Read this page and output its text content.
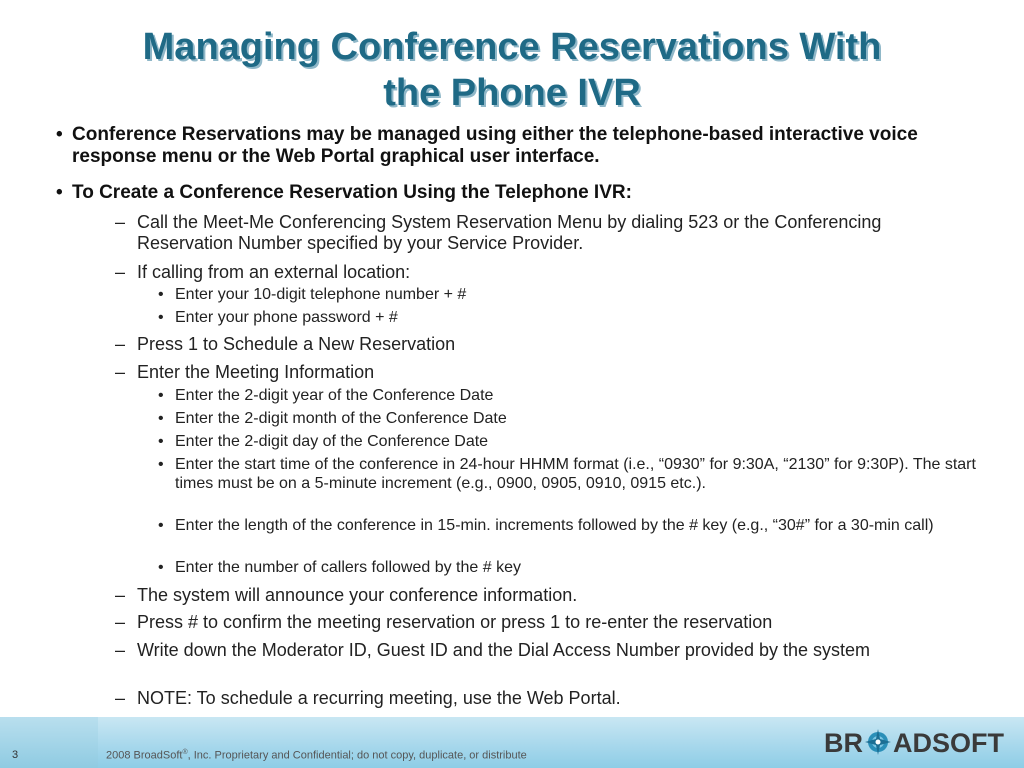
Managing Conference Reservations With
the Phone IVR
• Conference Reservations may be managed using either the telephone-based interactive voice response menu or the Web Portal graphical user interface.
• To Create a Conference Reservation Using the Telephone IVR:
– Call the Meet-Me Conferencing System Reservation Menu by dialing 523 or the Conferencing Reservation Number specified by your Service Provider.
– If calling from an external location:
• Enter your 10-digit telephone number + #
• Enter your phone password + #
– Press 1 to Schedule a New Reservation
– Enter the Meeting Information
• Enter the 2-digit year of the Conference Date
• Enter the 2-digit month of the Conference Date
• Enter the 2-digit day of the Conference Date
• Enter the start time of the conference in 24-hour HHMM format (i.e., “0930” for 9:30A, “2130” for 9:30P). The start times must be on a 5-minute increment (e.g., 0900, 0905, 0910, 0915 etc.).
• Enter the length of the conference in 15-min. increments followed by the # key (e.g., “30#” for a 30-min call)
• Enter the number of callers followed by the # key
– The system will announce your conference information.
– Press # to confirm the meeting reservation or press 1 to re-enter the reservation
– Write down the Moderator ID, Guest ID and the Dial Access Number provided by the system
– NOTE: To schedule a recurring meeting, use the Web Portal.
3	2008 BroadSoft®, Inc. Proprietary and Confidential; do not copy, duplicate, or distribute	BR ADSOFT
